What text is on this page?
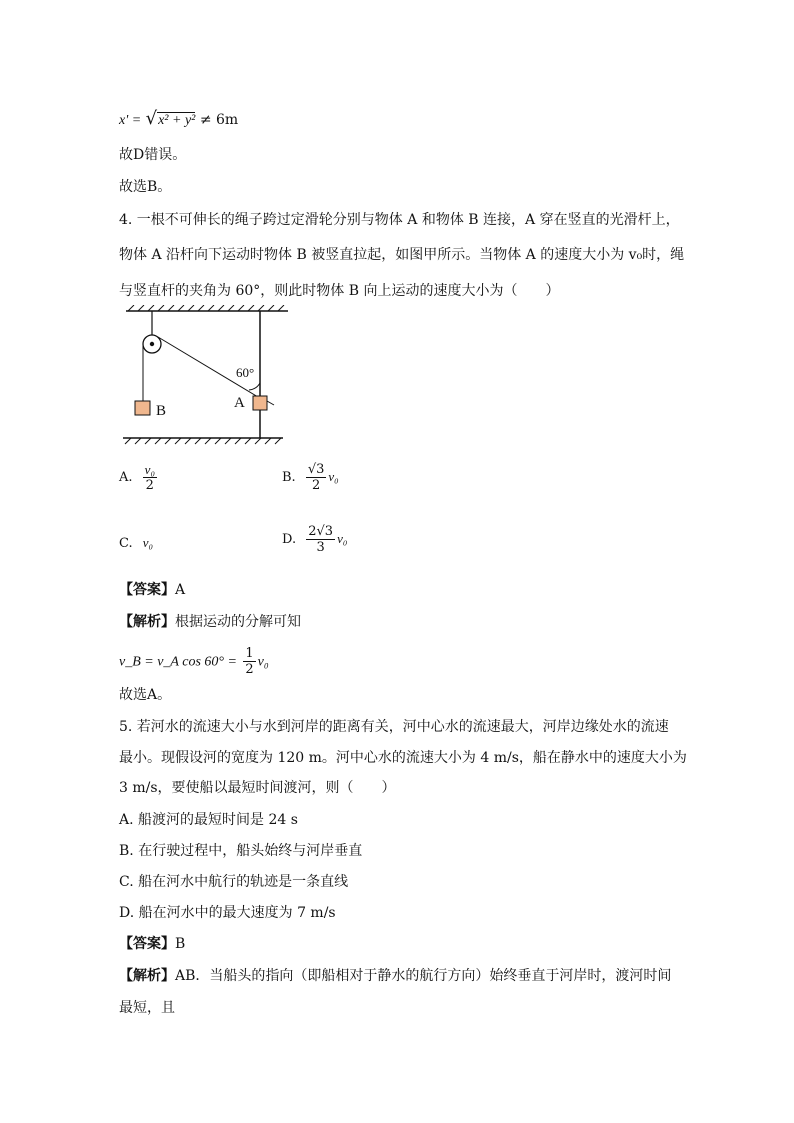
x' = √x² + y² ≠ 6m
故D错误。
故选B。
4. 一根不可伸长的绳子跨过定滑轮分别与物体 A 和物体 B 连接，A 穿在竖直的光滑杆上，
物体 A 沿杆向下运动时物体 B 被竖直拉起，如图甲所示。当物体 A 的速度大小为 v₀时，绳
与竖直杆的夹角为 60°，则此时物体 B 向上运动的速度大小为（　　）
60°
B	A
A. $\frac{\text{v₀}}{2}$	B. $\frac{√3}{2} v_0$
C. v₀	D. $\frac{2√3}{3} v_0$
【答案】A
【解析】根据运动的分解可知
v_B = v_A $\cos 60^\circ = \frac{1}{2} v_0$
故选A。
5. 若河水的流速大小与水到河岸的距离有关，河中心水的流速最大，河岸边缘处水的流速
最小。现假设河的宽度为 120 m。河中心水的流速大小为 4 m/s，船在静水中的速度大小为
3 m/s，要使船以最短时间渡河，则（　　）
A. 船渡河的最短时间是 24 s
B. 在行驶过程中，船头始终与河岸垂直
C. 船在河水中航行的轨迹是一条直线
D. 船在河水中的最大速度为 7 m/s
【答案】B
【解析】AB．当船头的指向（即船相对于静水的航行方向）始终垂直于河岸时，渡河时间
最短，且
